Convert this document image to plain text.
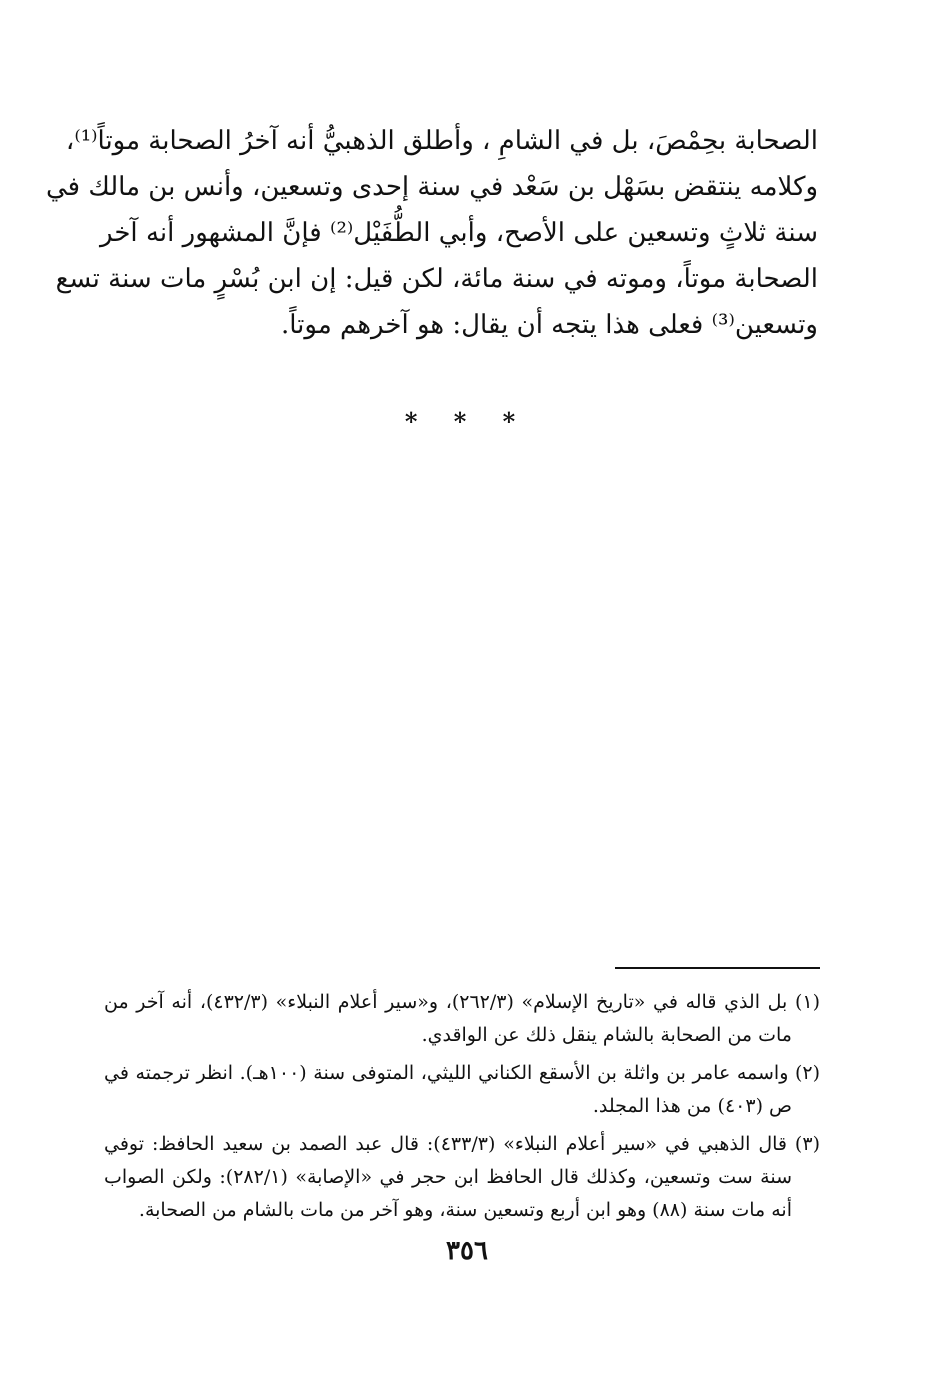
الصحابة بحِمْصَ، بل في الشامِ ، وأطلق الذهبيُّ أنه آخرُ الصحابة موتاً⁽¹⁾،
وكلامه ينتقض بسَهْل بن سَعْد في سنة إحدى وتسعين، وأنس بن مالك في
سنة ثلاثٍ وتسعين على الأصح، وأبي الطُّفَيْل⁽²⁾ فإنَّ المشهور أنه آخر
الصحابة موتاً، وموته في سنة مائة، لكن قيل: إن ابن بُسْرٍ مات سنة تسع
وتسعين⁽³⁾ فعلى هذا يتجه أن يقال: هو آخرهم موتاً.
* * *
(١) بل الذي قاله في «تاريخ الإسلام» (٢٦٢/٣)، و«سير أعلام النبلاء» (٤٣٢/٣)، أنه آخر من
مات من الصحابة بالشام ينقل ذلك عن الواقدي.
(٢) واسمه عامر بن واثلة بن الأسقع الكناني الليثي، المتوفى سنة (١٠٠هـ). انظر ترجمته في
ص (٤٠٣) من هذا المجلد.
(٣) قال الذهبي في «سير أعلام النبلاء» (٤٣٣/٣): قال عبد الصمد بن سعيد الحافظ: توفي
سنة ست وتسعين، وكذلك قال الحافظ ابن حجر في «الإصابة» (٢٨٢/١): ولكن الصواب
أنه مات سنة (٨٨) وهو ابن أربع وتسعين سنة، وهو آخر من مات بالشام من الصحابة.
٣٥٦
